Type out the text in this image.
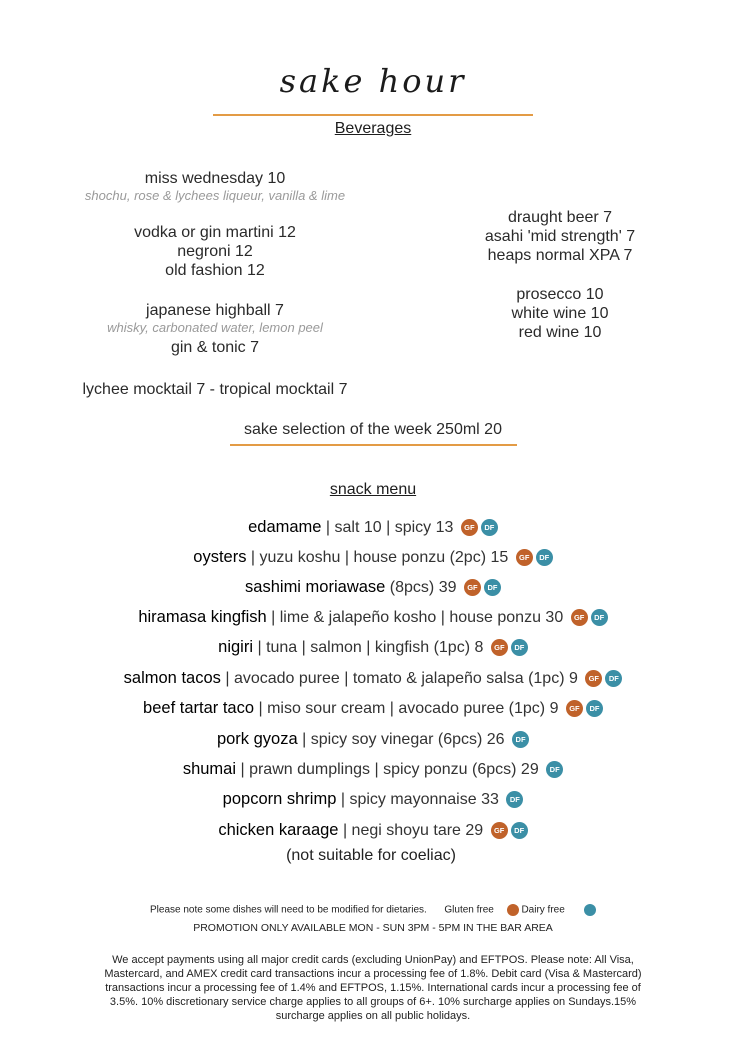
sake hour
Beverages
miss wednesday 10
shochu, rose & lychees liqueur, vanilla & lime
vodka or gin martini 12
negroni 12
old fashion 12
japanese highball 7
whisky, carbonated water, lemon peel
gin & tonic 7
lychee mocktail 7 - tropical mocktail 7
draught beer 7
asahi 'mid strength' 7
heaps normal XPA 7
prosecco 10
white wine 10
red wine 10
sake selection of the week 250ml 20
snack menu
edamame | salt 10 | spicy 13 GF DF
oysters | yuzu koshu | house ponzu (2pc) 15 GF DF
sashimi moriawase (8pcs) 39 GF DF
hiramasa kingfish | lime & jalapeño kosho | house ponzu 30 GF DF
nigiri | tuna | salmon | kingfish (1pc) 8 GF DF
salmon tacos | avocado puree | tomato & jalapeño salsa (1pc) 9 GF DF
beef tartar taco | miso sour cream | avocado puree (1pc) 9 GF DF
pork gyoza | spicy soy vinegar (6pcs) 26 DF
shumai | prawn dumplings | spicy ponzu (6pcs) 29 DF
popcorn shrimp | spicy mayonnaise 33 DF
chicken karaage | negi shoyu tare 29 GF DF
(not suitable for coeliac)
Please note some dishes will need to be modified for dietaries. Gluten free	Dairy free
PROMOTION ONLY AVAILABLE MON - SUN 3PM - 5PM IN THE BAR AREA
We accept payments using all major credit cards (excluding UnionPay) and EFTPOS. Please note: All Visa,
Mastercard, and AMEX credit card transactions incur a processing fee of 1.8%. Debit card (Visa & Mastercard)
transactions incur a processing fee of 1.4% and EFTPOS, 1.15%. International cards incur a processing fee of
3.5%. 10% discretionary service charge applies to all groups of 6+. 10% surcharge applies on Sundays.15%
surcharge applies on all public holidays.
